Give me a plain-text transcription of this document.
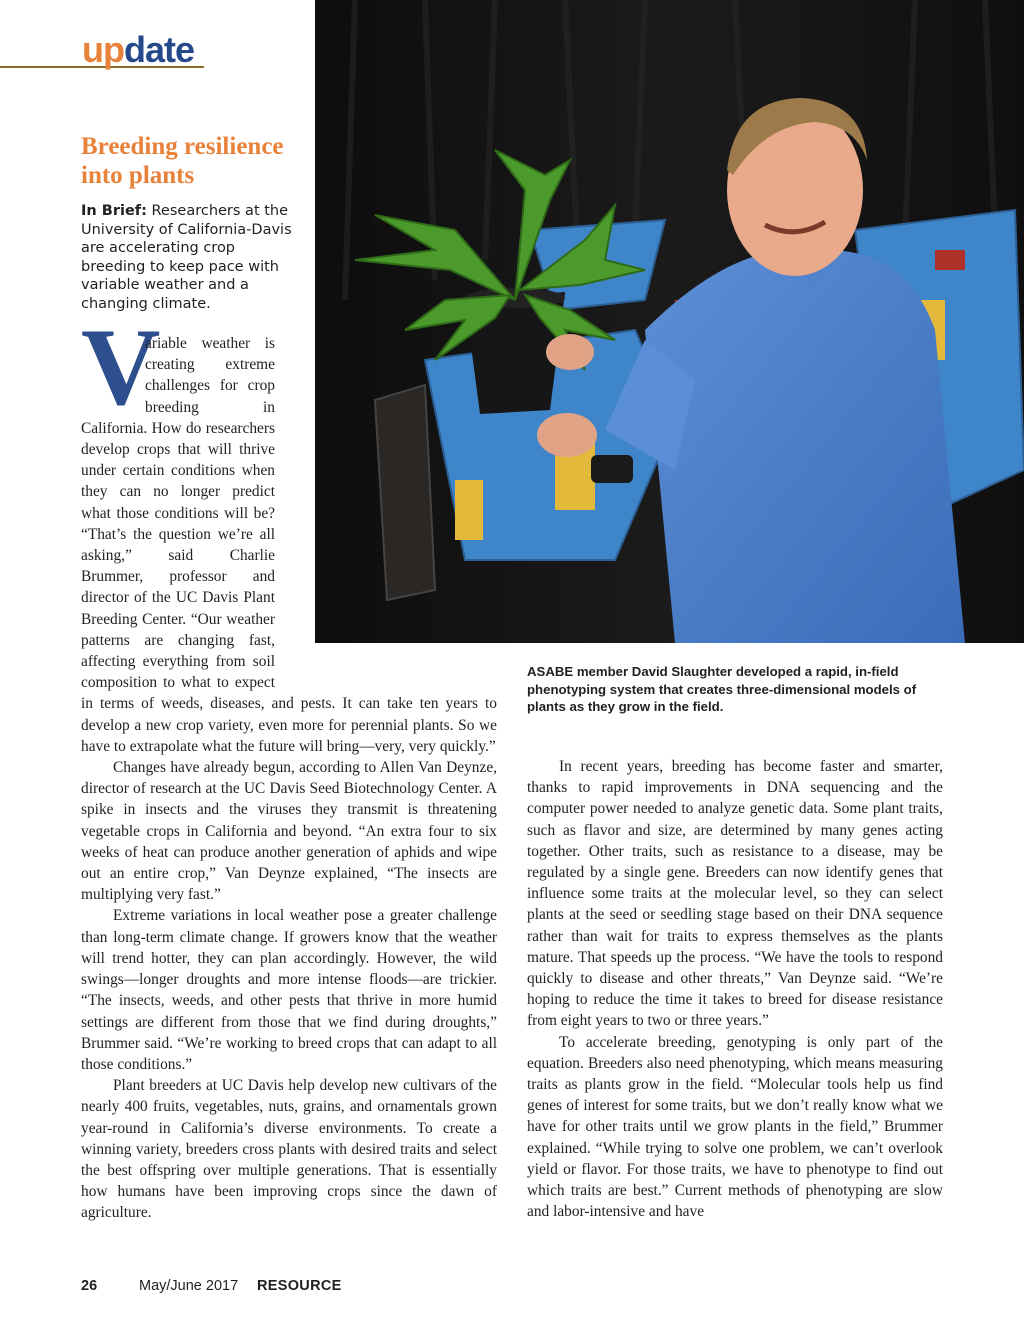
update
Breeding resilience
into plants
In Brief: Researchers at the University of California-Davis are accelerating crop breeding to keep pace with variable weather and a changing climate.
V

ariable weather is creating extreme challenges for crop breeding in California. How do researchers develop crops that will thrive under certain conditions when they can no longer predict what those conditions will be? “That’s the question we’re all asking,” said Charlie Brummer, professor and director of the UC Davis Plant Breeding Center. “Our weather patterns are changing fast, affecting everything from soil composition to what to expect in terms of weeds, diseases, and pests. It can take ten years to develop a new crop variety, even more for perennial plants. So we have to extrapolate what the future will bring—very, very quickly.”

Changes have already begun, according to Allen Van Deynze, director of research at the UC Davis Seed Biotechnology Center. A spike in insects and the viruses they transmit is threatening vegetable crops in California and beyond. “An extra four to six weeks of heat can produce another generation of aphids and wipe out an entire crop,” Van Deynze explained, “The insects are multiplying very fast.”

Extreme variations in local weather pose a greater challenge than long-term climate change. If growers know that the weather will trend hotter, they can plan accordingly. However, the wild swings—longer droughts and more intense floods—are trickier. “The insects, weeds, and other pests that thrive in more humid settings are different from those that we find during droughts,” Brummer said. “We’re working to breed crops that can adapt to all those conditions.”

Plant breeders at UC Davis help develop new cultivars of the nearly 400 fruits, vegetables, nuts, grains, and ornamentals grown year-round in California’s diverse environments. To create a winning variety, breeders cross plants with desired traits and select the best offspring over multiple generations. That is essentially how humans have been improving crops since the dawn of agriculture.

ASABE member David Slaughter developed a rapid, in-field phenotyping system that creates three-dimensional models of plants as they grow in the field.

In recent years, breeding has become faster and smarter, thanks to rapid improvements in DNA sequencing and the computer power needed to analyze genetic data. Some plant traits, such as flavor and size, are determined by many genes acting together. Other traits, such as resistance to a disease, may be regulated by a single gene. Breeders can now identify genes that influence some traits at the molecular level, so they can select plants at the seed or seedling stage based on their DNA sequence rather than wait for traits to express themselves as the plants mature. That speeds up the process. “We have the tools to respond quickly to disease and other threats,” Van Deynze said. “We’re hoping to reduce the time it takes to breed for disease resistance from eight years to two or three years.”

To accelerate breeding, genotyping is only part of the equation. Breeders also need phenotyping, which means measuring traits as plants grow in the field. “Molecular tools help us find genes of interest for some traits, but we don’t really know what we have for other traits until we grow plants in the field,” Brummer explained. “While trying to solve one problem, we can’t overlook yield or flavor. For those traits, we have to phenotype to find out which traits are best.” Current methods of phenotyping are slow and labor-intensive and have

26	May/June 2017 RESOURCE
